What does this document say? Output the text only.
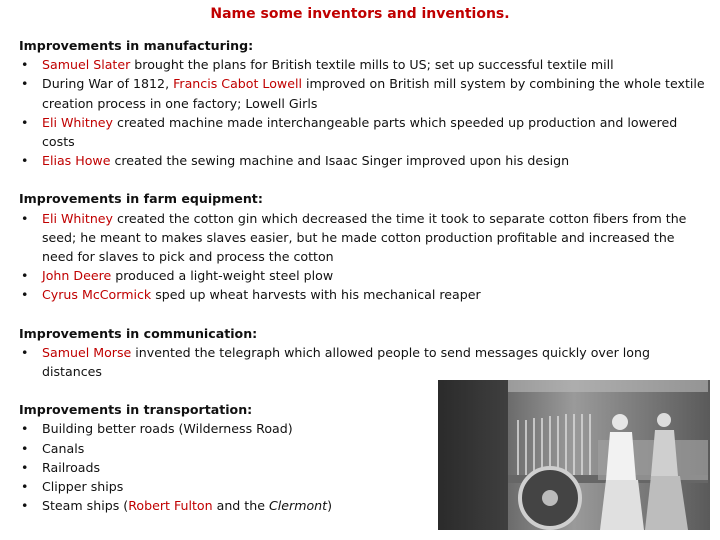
Name some inventors and inventions.
Improvements in manufacturing:
• Samuel Slater brought the plans for British textile mills to US; set up successful textile mill
• During War of 1812, Francis Cabot Lowell improved on British mill system by combining the whole textile creation process in one factory; Lowell Girls
• Eli Whitney created machine made interchangeable parts which speeded up production and lowered costs
• Elias Howe created the sewing machine and Isaac Singer improved upon his design
Improvements in farm equipment:
• Eli Whitney created the cotton gin which decreased the time it took to separate cotton fibers from the seed; he meant to makes slaves easier, but he made cotton production profitable and increased the need for slaves to pick and process the cotton
• John Deere produced a light-weight steel plow
• Cyrus McCormick sped up wheat harvests with his mechanical reaper
Improvements in communication:
• Samuel Morse invented the telegraph which allowed people to send messages quickly over long distances
Improvements in transportation:
• Building better roads (Wilderness Road)
• Canals
• Railroads
• Clipper ships
• Steam ships (Robert Fulton and the Clermont)
